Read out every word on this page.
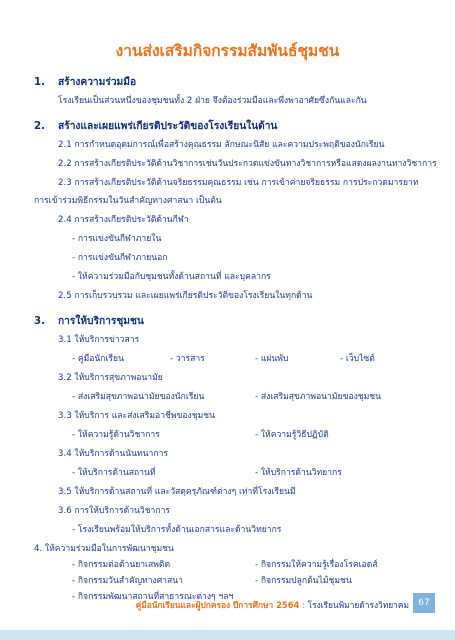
งานส่งเสริมกิจกรรมสัมพันธ์ชุมชน
1. สร้างความร่วมมือ
โรงเรียนเป็นส่วนหนึ่งของชุมชนทั้ง 2 ฝ่าย จึงต้องร่วมมือและพึ่งพาอาศัยซึ่งกันและกัน
2. สร้างและเผยแพร่เกียรติประวัติของโรงเรียนในด้าน
2.1 การกำหนดอุดมการณ์เพื่อสร้างคุณธรรม ลักษณะนิสัย และความประพฤติของนักเรียน
2.2 การสร้างเกียรติประวัติด้านวิชาการเช่นวันประกวดแข่งขันทางวิชาการหรือแสดงผลงานทางวิชาการ
2.3 การสร้างเกียรติประวัติด้านจริยธรรมคุณธรรม เช่น การเข้าค่ายจริยธรรม การประกวดมารยาท
การเข้าร่วมพิธีกรรมในวันสำคัญทางศาสนา เป็นต้น
2.4 การสร้างเกียรติประวัติด้านกีฬา
- การแข่งขันกีฬาภายใน
- การแข่งขันกีฬาภายนอก
- ให้ความร่วมมือกับชุมชนทั้งด้านสถานที่ และบุคลากร
2.5 การเก็บรวบรวม และเผยแพร่เกียรติประวัติของโรงเรียนในทุกด้าน
3. การให้บริการชุมชน
3.1 ให้บริการข่าวสาร
- คู่มือนักเรียน	- วารสาร	- แผ่นพับ	- เว็บไซต์
3.2 ให้บริการสุขภาพอนามัย
- ส่งเสริมสุขภาพอนามัยของนักเรียน	- ส่งเสริมสุขภาพอนามัยของชุมชน
3.3 ให้บริการ และส่งเสริมอาชีพของชุมชน
- ให้ความรู้ด้านวิชาการ	- ให้ความรู้วิธีปฏิบัติ
3.4 ให้บริการด้านนันทนาการ
- ให้บริการด้านสถานที่	- ให้บริการด้านวิทยากร
3.5 ให้บริการด้านสถานที่ และวัสดุครุภัณฑ์ต่างๆ เท่าที่โรงเรียนมี
3.6 การให้บริการด้านวิชาการ
- โรงเรียนพร้อมให้บริการทั้งด้านเอกสารและด้านวิทยากร
4. ให้ความร่วมมือในการพัฒนาชุมชน
- กิจกรรมต่อต้านยาเสพติด	- กิจกรรมให้ความรู้เรื่องโรคเอดส์
- กิจกรรมวันสำคัญทางศาสนา	- กิจกรรมปลูกต้นไม้ชุมชน
- กิจกรรมพัฒนาสถานที่สาธารณะต่างๆ ฯลฯ
คู่มือนักเรียนและผู้ปกครอง ปีการศึกษา 2564 : โรงเรียนพิมายด้ารงวิทยาคม	67
